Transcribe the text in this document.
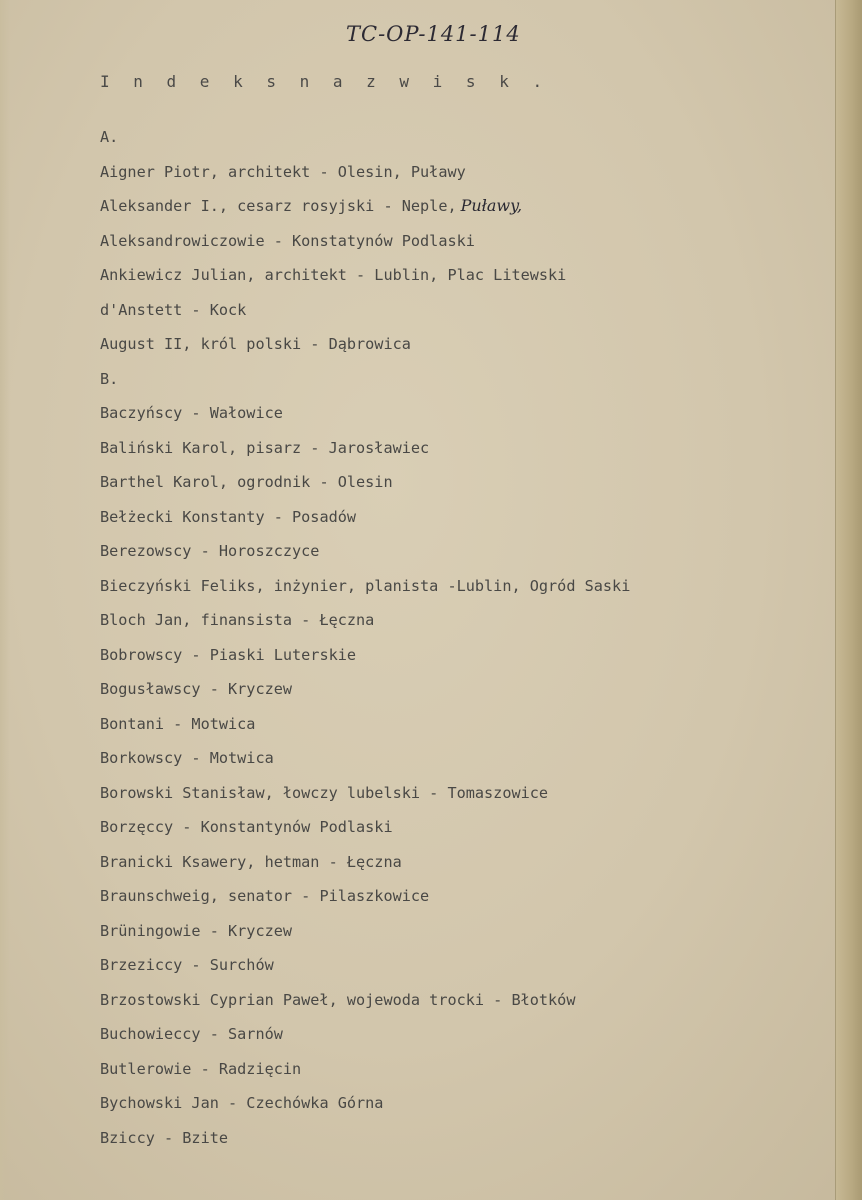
TC-OP-141-114
I n d e k s n a z w i s k .
A.
Aigner Piotr, architekt - Olesin, Puławy
Aleksander I., cesarz rosyjski - Neple, Puławy,
Aleksandrowiczowie - Konstatynów Podlaski
Ankiewicz Julian, architekt - Lublin, Plac Litewski
d'Anstett - Kock
August II, król polski - Dąbrowica
B.
Baczyńscy - Wałowice
Baliński Karol, pisarz - Jarosławiec
Barthel Karol, ogrodnik - Olesin
Bełżecki Konstanty - Posadów
Berezowscy - Horoszczyce
Bieczyński Feliks, inżynier, planista -Lublin, Ogród Saski
Bloch Jan, finansista - Łęczna
Bobrowscy - Piaski Luterskie
Bogusławscy - Kryczew
Bontani - Motwica
Borkowscy - Motwica
Borowski Stanisław, łowczy lubelski - Tomaszowice
Borzęccy - Konstantynów Podlaski
Branicki Ksawery, hetman - Łęczna
Braunschweig, senator - Pilaszkowice
Brüningowie - Kryczew
Brzeziccy - Surchów
Brzostowski Cyprian Paweł, wojewoda trocki - Błotków
Buchowieccy - Sarnów
Butlerowie - Radzięcin
Bychowski Jan - Czechówka Górna
Bziccy - Bzite
